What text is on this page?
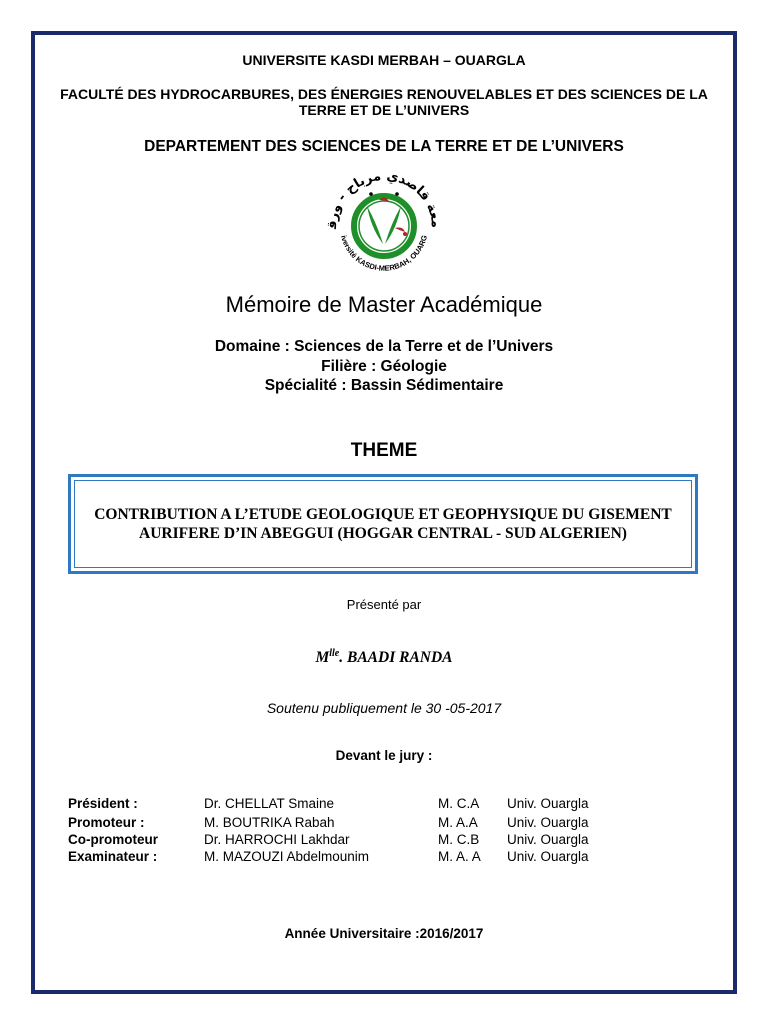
UNIVERSITE KASDI MERBAH – OUARGLA
FACULTÉ DES HYDROCARBURES, DES ÉNERGIES RENOUVELABLES ET DES SCIENCES DE LA TERRE ET DE L’UNIVERS
DEPARTEMENT DES SCIENCES DE LA TERRE ET DE L’UNIVERS
معة قاصدي مرباح - ورق
iversité KASDI-MERBAH, OUARG
Mémoire de Master Académique
Domaine : Sciences de la Terre et de l’Univers
Filière : Géologie
Spécialité : Bassin Sédimentaire
THEME
CONTRIBUTION A L’ETUDE GEOLOGIQUE ET GEOPHYSIQUE DU GISEMENT AURIFERE D’IN ABEGGUI (HOGGAR CENTRAL - SUD ALGERIEN)
Présenté par
$M^{lle}$. BAADI RANDA
Soutenu publiquement le 30 -05-2017
Devant le jury :
Président :	Dr. CHELLAT Smaine	M. C.A Univ. Ouargla
Promoteur :	M. BOUTRIKA Rabah	M. A.A Univ. Ouargla
Co-promoteur	Dr. HARROCHI Lakhdar	M. C.B Univ. Ouargla
Examinateur :	M. MAZOUZI Abdelmounim	M. A. A Univ. Ouargla
Année Universitaire :2016/2017
